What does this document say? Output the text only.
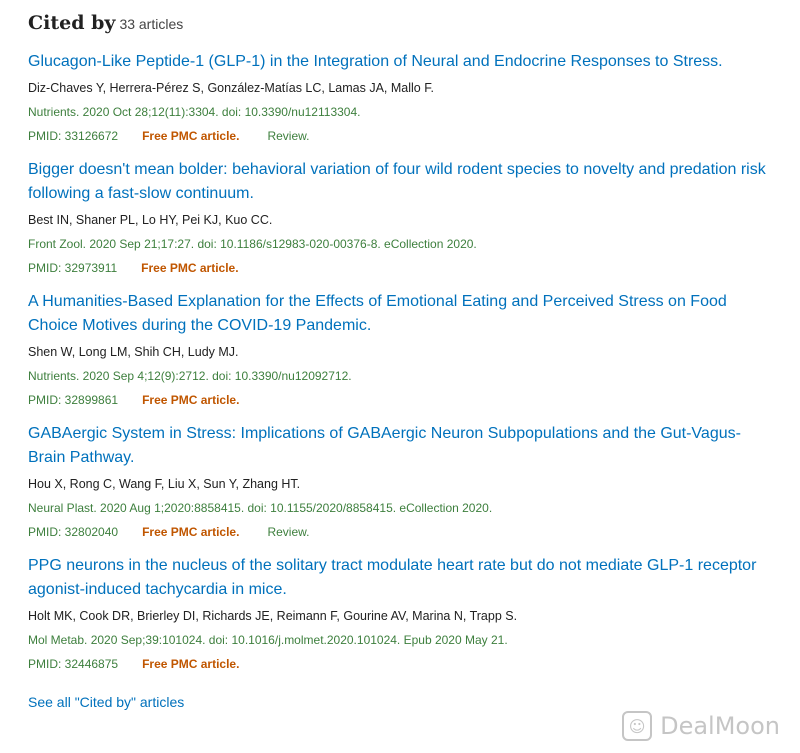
Cited by 33 articles
Glucagon-Like Peptide-1 (GLP-1) in the Integration of Neural and Endocrine Responses to Stress.
Diz-Chaves Y, Herrera-Pérez S, González-Matías LC, Lamas JA, Mallo F.
Nutrients. 2020 Oct 28;12(11):3304. doi: 10.3390/nu12113304.
PMID: 33126672 Free PMC article. Review.
Bigger doesn't mean bolder: behavioral variation of four wild rodent species to novelty and predation risk following a fast-slow continuum.
Best IN, Shaner PL, Lo HY, Pei KJ, Kuo CC.
Front Zool. 2020 Sep 21;17:27. doi: 10.1186/s12983-020-00376-8. eCollection 2020.
PMID: 32973911 Free PMC article.
A Humanities-Based Explanation for the Effects of Emotional Eating and Perceived Stress on Food Choice Motives during the COVID-19 Pandemic.
Shen W, Long LM, Shih CH, Ludy MJ.
Nutrients. 2020 Sep 4;12(9):2712. doi: 10.3390/nu12092712.
PMID: 32899861 Free PMC article.
GABAergic System in Stress: Implications of GABAergic Neuron Subpopulations and the Gut-Vagus-Brain Pathway.
Hou X, Rong C, Wang F, Liu X, Sun Y, Zhang HT.
Neural Plast. 2020 Aug 1;2020:8858415. doi: 10.1155/2020/8858415. eCollection 2020.
PMID: 32802040 Free PMC article. Review.
PPG neurons in the nucleus of the solitary tract modulate heart rate but do not mediate GLP-1 receptor agonist-induced tachycardia in mice.
Holt MK, Cook DR, Brierley DI, Richards JE, Reimann F, Gourine AV, Marina N, Trapp S.
Mol Metab. 2020 Sep;39:101024. doi: 10.1016/j.molmet.2020.101024. Epub 2020 May 21.
PMID: 32446875 Free PMC article.
See all "Cited by" articles
☺ DealMoon
